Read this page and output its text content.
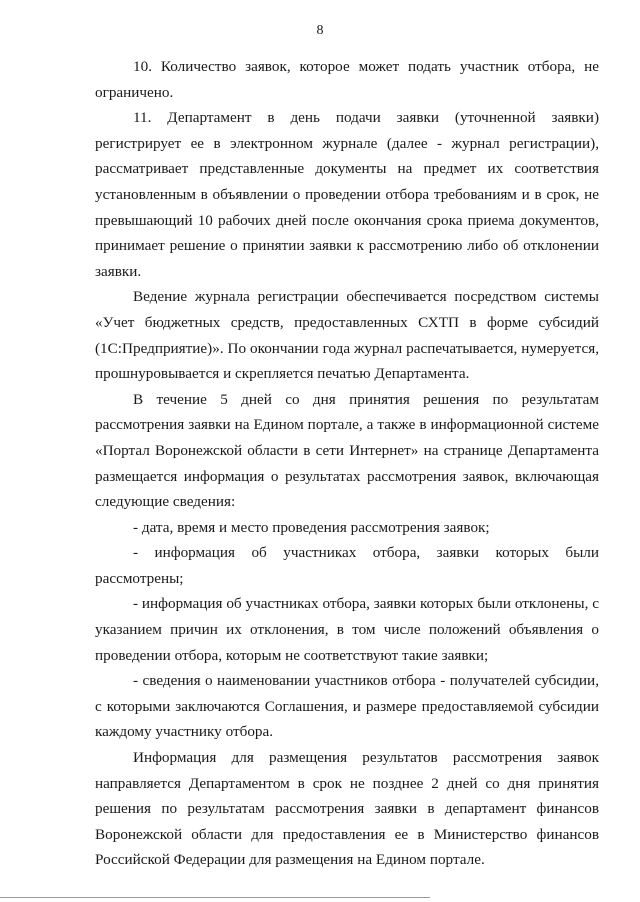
8

10. Количество заявок, которое может подать участник отбора, не ограничено.

11. Департамент в день подачи заявки (уточненной заявки) регистрирует ее в электронном журнале (далее - журнал регистрации), рассматривает представленные документы на предмет их соответствия установленным в объявлении о проведении отбора требованиям и в срок, не превышающий 10 рабочих дней после окончания срока приема документов, принимает решение о принятии заявки к рассмотрению либо об отклонении заявки.

Ведение журнала регистрации обеспечивается посредством системы «Учет бюджетных средств, предоставленных СХТП в форме субсидий (1С:Предприятие)». По окончании года журнал распечатывается, нумеруется, прошнуровывается и скрепляется печатью Департамента.

В течение 5 дней со дня принятия решения по результатам рассмотрения заявки на Едином портале, а также в информационной системе «Портал Воронежской области в сети Интернет» на странице Департамента размещается информация о результатах рассмотрения заявок, включающая следующие сведения:

- дата, время и место проведения рассмотрения заявок;

- информация об участниках отбора, заявки которых были рассмотрены;

- информация об участниках отбора, заявки которых были отклонены, с указанием причин их отклонения, в том числе положений объявления о проведении отбора, которым не соответствуют такие заявки;

- сведения о наименовании участников отбора - получателей субсидии, с которыми заключаются Соглашения, и размере предоставляемой субсидии каждому участнику отбора.

Информация для размещения результатов рассмотрения заявок направляется Департаментом в срок не позднее 2 дней со дня принятия решения по результатам рассмотрения заявки в департамент финансов Воронежской области для предоставления ее в Министерство финансов Российской Федерации для размещения на Едином портале.
